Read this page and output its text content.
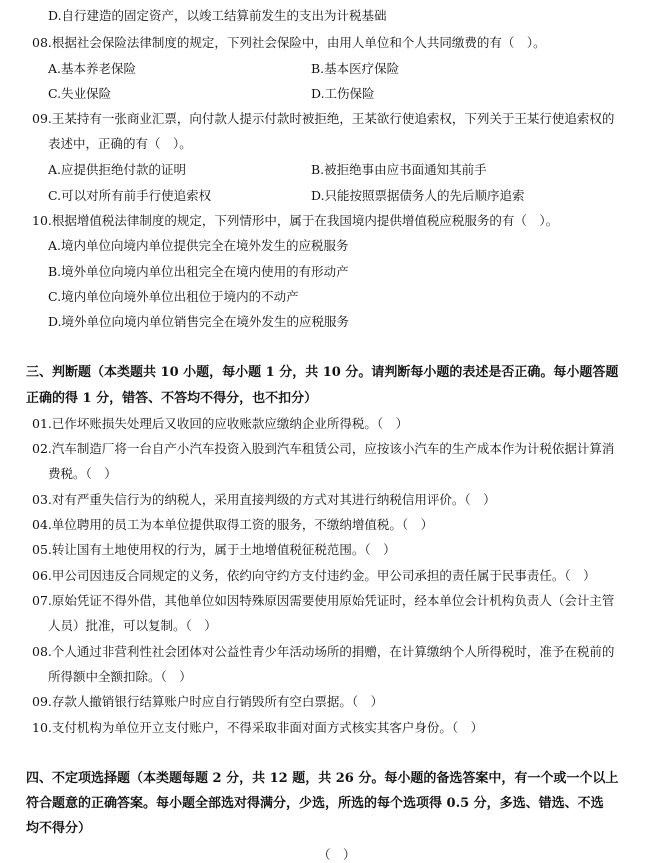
D.自行建造的固定资产，以竣工结算前发生的支出为计税基础
08.根据社会保险法律制度的规定，下列社会保险中，由用人单位和个人共同缴费的有（　）。
A.基本养老保险	B.基本医疗保险
C.失业保险	D.工伤保险
09.王某持有一张商业汇票，向付款人提示付款时被拒绝，王某欲行使追索权，下列关于王某行使追索权的
表述中，正确的有（　）。
A.应提供拒绝付款的证明	B.被拒绝事由应书面通知其前手
C.可以对所有前手行使追索权	D.只能按照票据债务人的先后顺序追索
10.根据增值税法律制度的规定，下列情形中，属于在我国境内提供增值税应税服务的有（　）。
A.境内单位向境内单位提供完全在境外发生的应税服务
B.境外单位向境内单位出租完全在境内使用的有形动产
C.境内单位向境外单位出租位于境内的不动产
D.境外单位向境内单位销售完全在境外发生的应税服务
三、判断题（本类题共 10 小题，每小题 1 分，共 10 分。请判断每小题的表述是否正确。每小题答题
正确的得 1 分，错答、不答均不得分，也不扣分）
01.已作坏账损失处理后又收回的应收账款应缴纳企业所得税。（　）
02.汽车制造厂将一台自产小汽车投资入股到汽车租赁公司，应按该小汽车的生产成本作为计税依据计算消
费税。（　）
03.对有严重失信行为的纳税人，采用直接判级的方式对其进行纳税信用评价。（　）
04.单位聘用的员工为本单位提供取得工资的服务，不缴纳增值税。（　）
05.转让国有土地使用权的行为，属于土地增值税征税范围。（　）
06.甲公司因违反合同规定的义务，依约向守约方支付违约金。甲公司承担的责任属于民事责任。（　）
07.原始凭证不得外借，其他单位如因特殊原因需要使用原始凭证时，经本单位会计机构负责人（会计主管
人员）批准，可以复制。（　）
08.个人通过非营利性社会团体对公益性青少年活动场所的捐赠，在计算缴纳个人所得税时，准予在税前的
所得额中全额扣除。（　）
09.存款人撤销银行结算账户时应自行销毁所有空白票据。（　）
10.支付机构为单位开立支付账户，不得采取非面对面方式核实其客户身份。（　）
四、不定项选择题（本类题每题 2 分，共 12 题，共 26 分。每小题的备选答案中，有一个或一个以上
符合题意的正确答案。每小题全部选对得满分，少选，所选的每个选项得 0.5 分，多选、错选、不选
均不得分）
（　）
